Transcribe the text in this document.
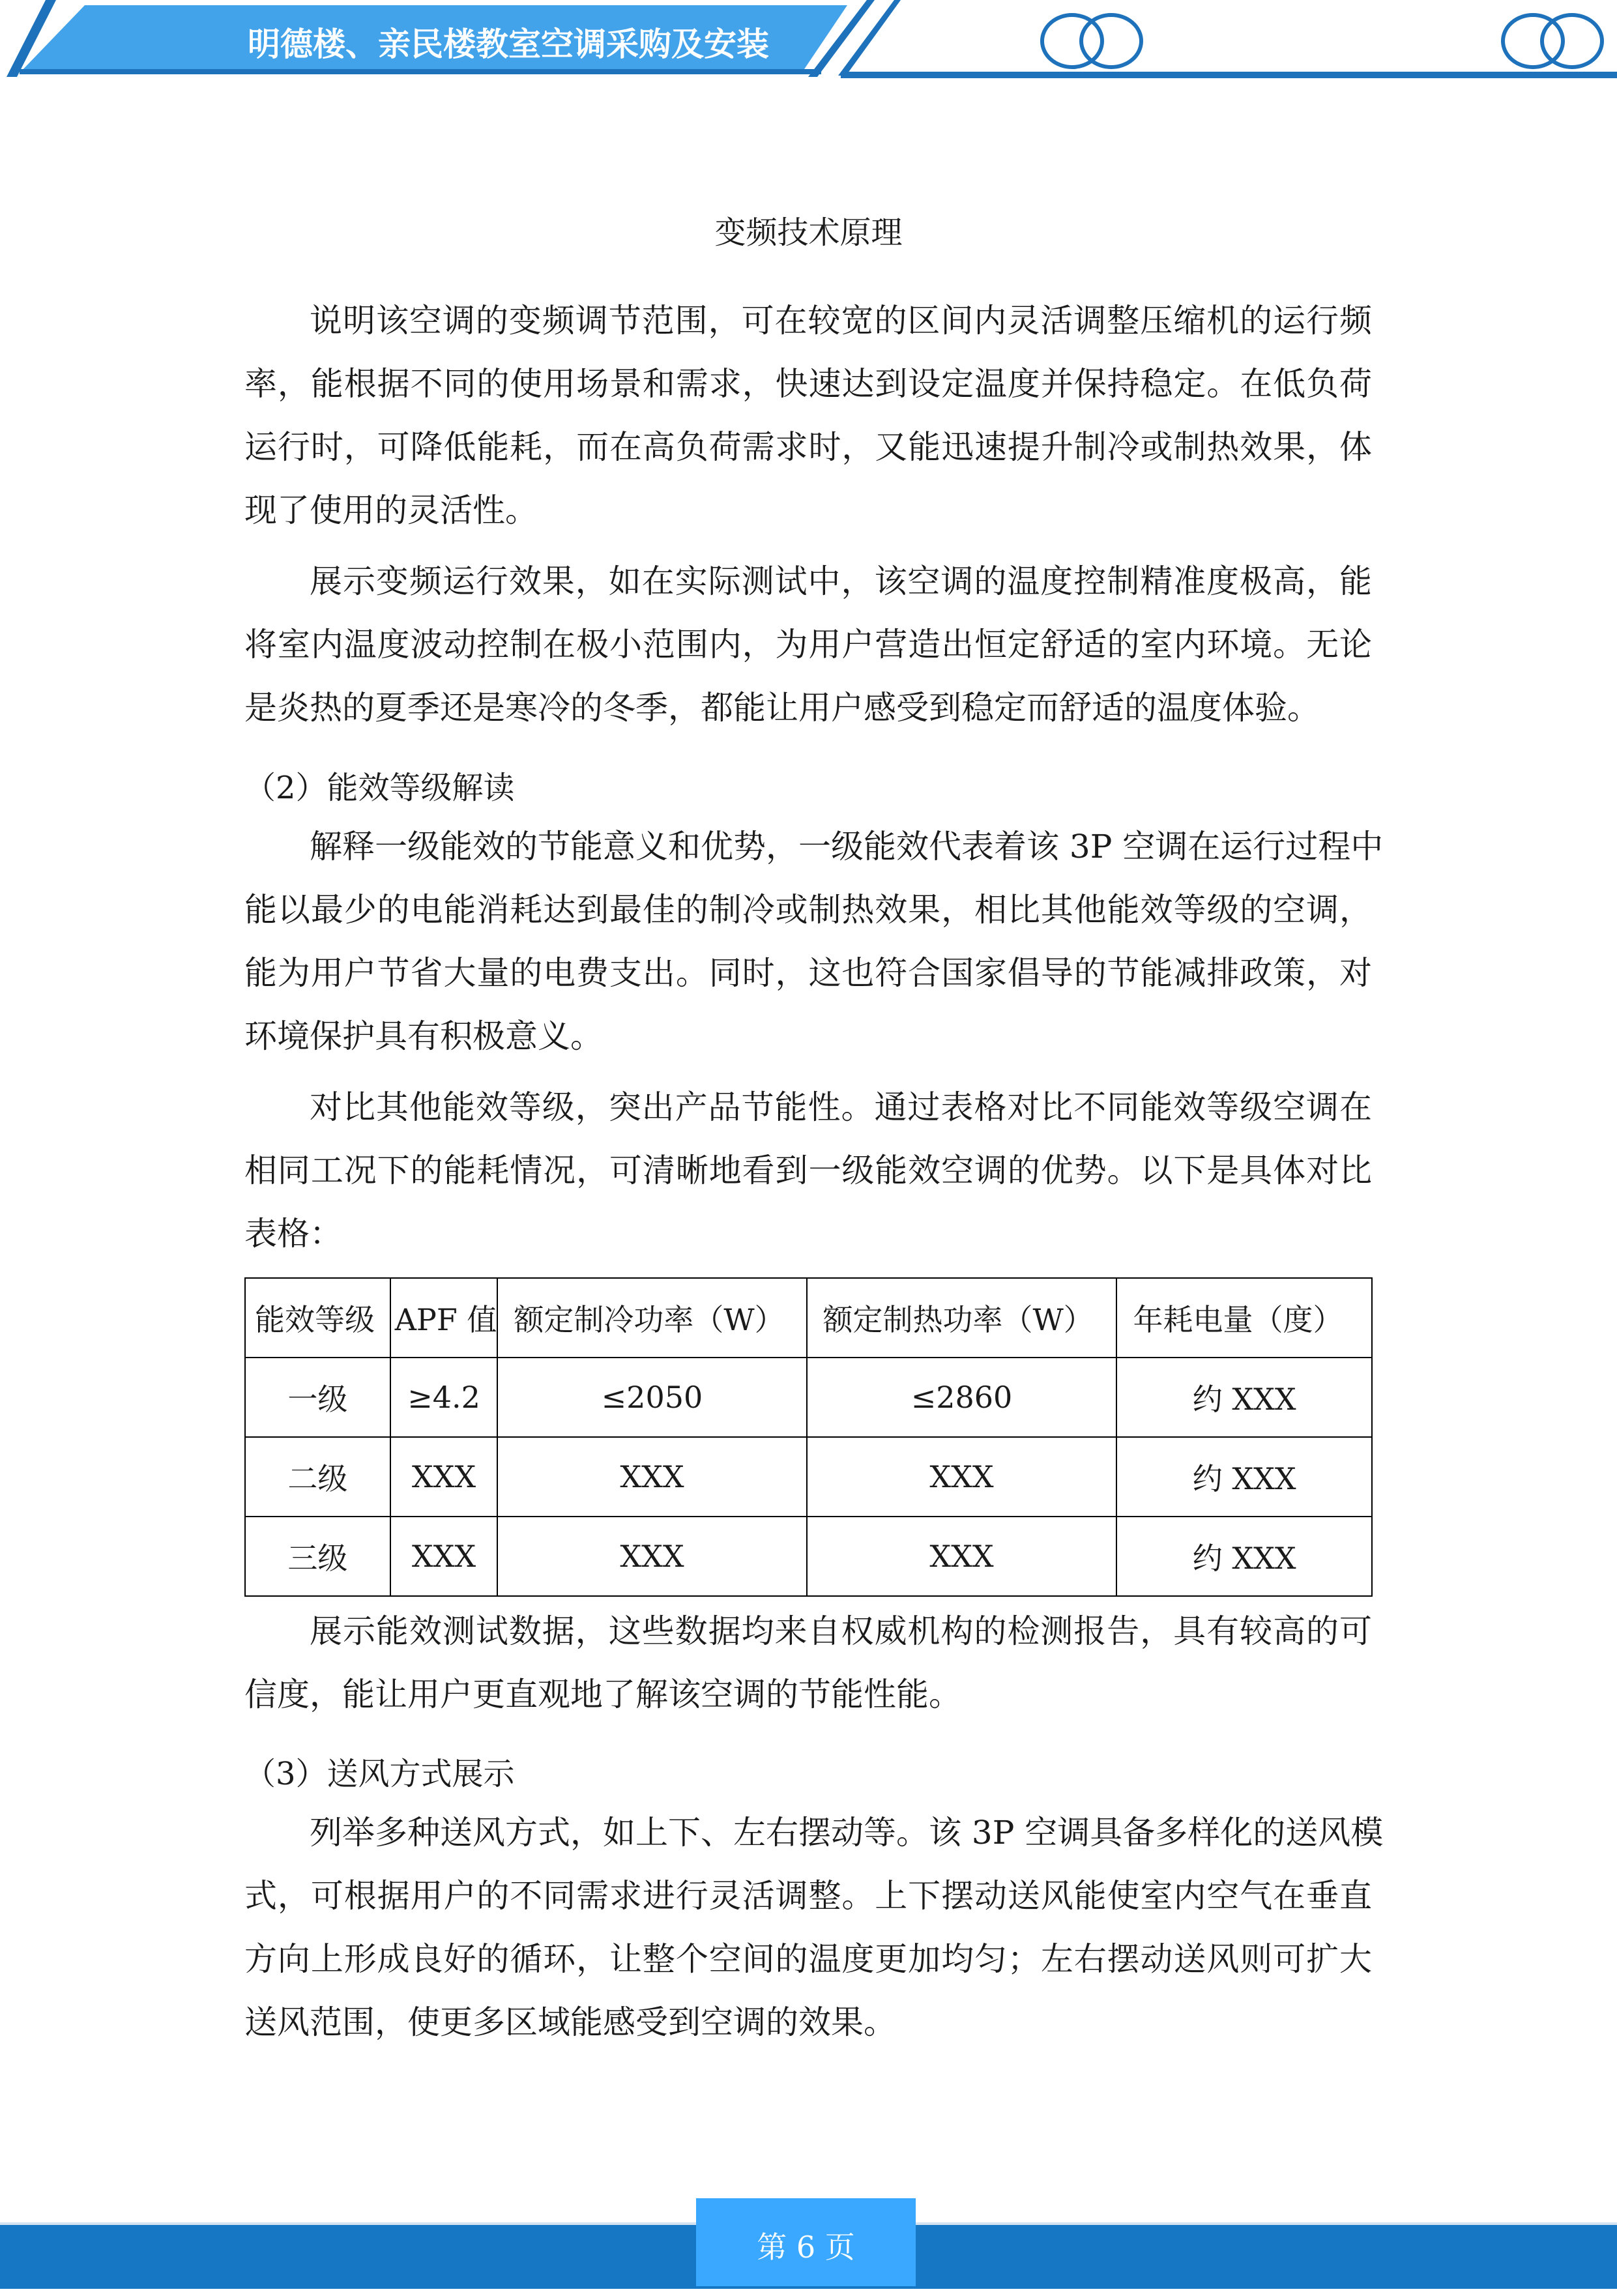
明德楼、亲民楼教室空调采购及安装
变频技术原理
说明该空调的变频调节范围，可在较宽的区间内灵活调整压缩机的运行频
率，能根据不同的使用场景和需求，快速达到设定温度并保持稳定。在低负荷
运行时，可降低能耗，而在高负荷需求时，又能迅速提升制冷或制热效果，体
现了使用的灵活性。
展示变频运行效果，如在实际测试中，该空调的温度控制精准度极高，能
将室内温度波动控制在极小范围内，为用户营造出恒定舒适的室内环境。无论
是炎热的夏季还是寒冷的冬季，都能让用户感受到稳定而舒适的温度体验。
（2）能效等级解读
解释一级能效的节能意义和优势，一级能效代表着该 3P 空调在运行过程中
能以最少的电能消耗达到最佳的制冷或制热效果，相比其他能效等级的空调，
能为用户节省大量的电费支出。同时，这也符合国家倡导的节能减排政策，对
环境保护具有积极意义。
对比其他能效等级，突出产品节能性。通过表格对比不同能效等级空调在
相同工况下的能耗情况，可清晰地看到一级能效空调的优势。以下是具体对比
表格：
能效等级	APF 值	额定制冷功率（W）	额定制热功率（W）	年耗电量（度）
一级	≥4.2	≤2050	≤2860	约 XXX
二级	XXX	XXX	XXX	约 XXX
三级	XXX	XXX	XXX	约 XXX
展示能效测试数据，这些数据均来自权威机构的检测报告，具有较高的可
信度，能让用户更直观地了解该空调的节能性能。
（3）送风方式展示
列举多种送风方式，如上下、左右摆动等。该 3P 空调具备多样化的送风模
式，可根据用户的不同需求进行灵活调整。上下摆动送风能使室内空气在垂直
方向上形成良好的循环，让整个空间的温度更加均匀；左右摆动送风则可扩大
送风范围，使更多区域能感受到空调的效果。
第 6 页
